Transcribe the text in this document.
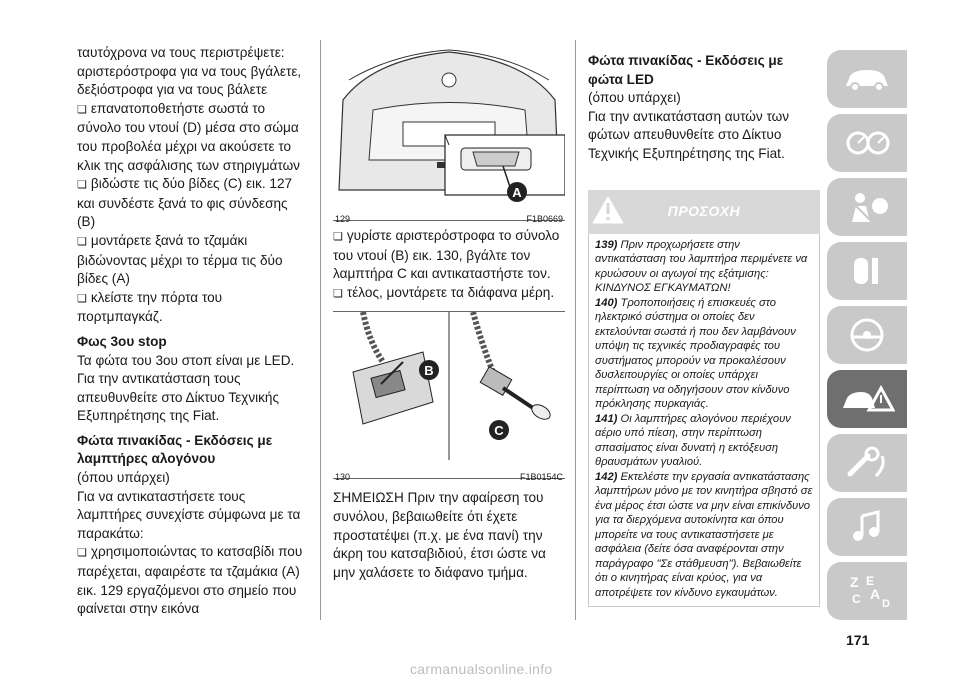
ταυτόχρονα να τους περιστρέψετε:

αριστερόστροφα για να τους βγάλετε,

δεξιόστροφα για να τους βάλετε

❏ επανατοποθετήστε σωστά το σύνολο του ντουί (D) μέσα στο σώμα του προβολέα μέχρι να ακούσετε το κλικ της ασφάλισης των στηριγμάτων

❏ βιδώστε τις δύο βίδες (C) εικ. 127 και συνδέστε ξανά το φις σύνδεσης (B)

❏ μοντάρετε ξανά το τζαμάκι βιδώνοντας μέχρι το τέρμα τις δύο βίδες (A)

❏ κλείστε την πόρτα του πορτμπαγκάζ.

Φως 3ου stop

Τα φώτα του 3ου στοπ είναι με LED. Για την αντικατάσταση τους απευθυνθείτε στο Δίκτυο Τεχνικής Εξυπηρέτησης της Fiat.

Φώτα πινακίδας - Εκδόσεις με λαμπτήρες αλογόνου

(όπου υπάρχει)

Για να αντικαταστήσετε τους λαμπτήρες συνεχίστε σύμφωνα με τα παρακάτω:

❏ χρησιμοποιώντας το κατσαβίδι που παρέχεται, αφαιρέστε τα τζαμάκια (A) εικ. 129 εργαζόμενοι στο σημείο που φαίνεται στην εικόνα

A
129	F1B0669

❏ γυρίστε αριστερόστροφα το σύνολο του ντουί (B) εικ. 130, βγάλτε τον λαμπτήρα C και αντικαταστήστε τον.

❏ τέλος, μοντάρετε τα διάφανα μέρη.

B
C
130	F1B0154C

ΣΗΜΕΙΩΣΗ Πριν την αφαίρεση του συνόλου, βεβαιωθείτε ότι έχετε προστατέψει (π.χ. με ένα πανί) την άκρη του κατσαβιδιού, έτσι ώστε να μην χαλάσετε το διάφανο τμήμα.

Φώτα πινακίδας - Εκδόσεις με φώτα LED

(όπου υπάρχει)

Για την αντικατάσταση αυτών των φώτων απευθυνθείτε στο Δίκτυο Τεχνικής Εξυπηρέτησης της Fiat.

ΠΡΟΣΟΧΗ

139) Πριν προχωρήσετε στην αντικατάσταση του λαμπτήρα περιμένετε να κρυώσουν οι αγωγοί της εξάτμισης: ΚΙΝΔΥΝΟΣ ΕΓΚΑΥΜΑΤΩΝ!

140) Τροποποιήσεις ή επισκευές στο ηλεκτρικό σύστημα οι οποίες δεν εκτελούνται σωστά ή που δεν λαμβάνουν υπόψη τις τεχνικές προδιαγραφές του συστήματος μπορούν να προκαλέσουν δυσλειτουργίες οι οποίες υπάρχει περίπτωση να οδηγήσουν στον κίνδυνο πρόκλησης πυρκαγιάς.

141) Οι λαμπτήρες αλογόνου περιέχουν αέριο υπό πίεση, στην περίπτωση σπασίματος είναι δυνατή η εκτόξευση θραυσμάτων γυαλιού.

142) Εκτελέστε την εργασία αντικατάστασης λαμπτήρων μόνο με τον κινητήρα σβηστό σε ένα μέρος έτσι ώστε να μην είναι επικίνδυνο για τα διερχόμενα αυτοκίνητα και όπου μπορείτε να τους αντικαταστήσετε με ασφάλεια (δείτε όσα αναφέρονται στην παράγραφο "Σε στάθμευση"). Βεβαιωθείτε ότι ο κινητήρας είναι κρύος, για να αποτρέψετε τον κίνδυνο εγκαυμάτων.

Z E
A
C D
171
carmanualsonline.info
